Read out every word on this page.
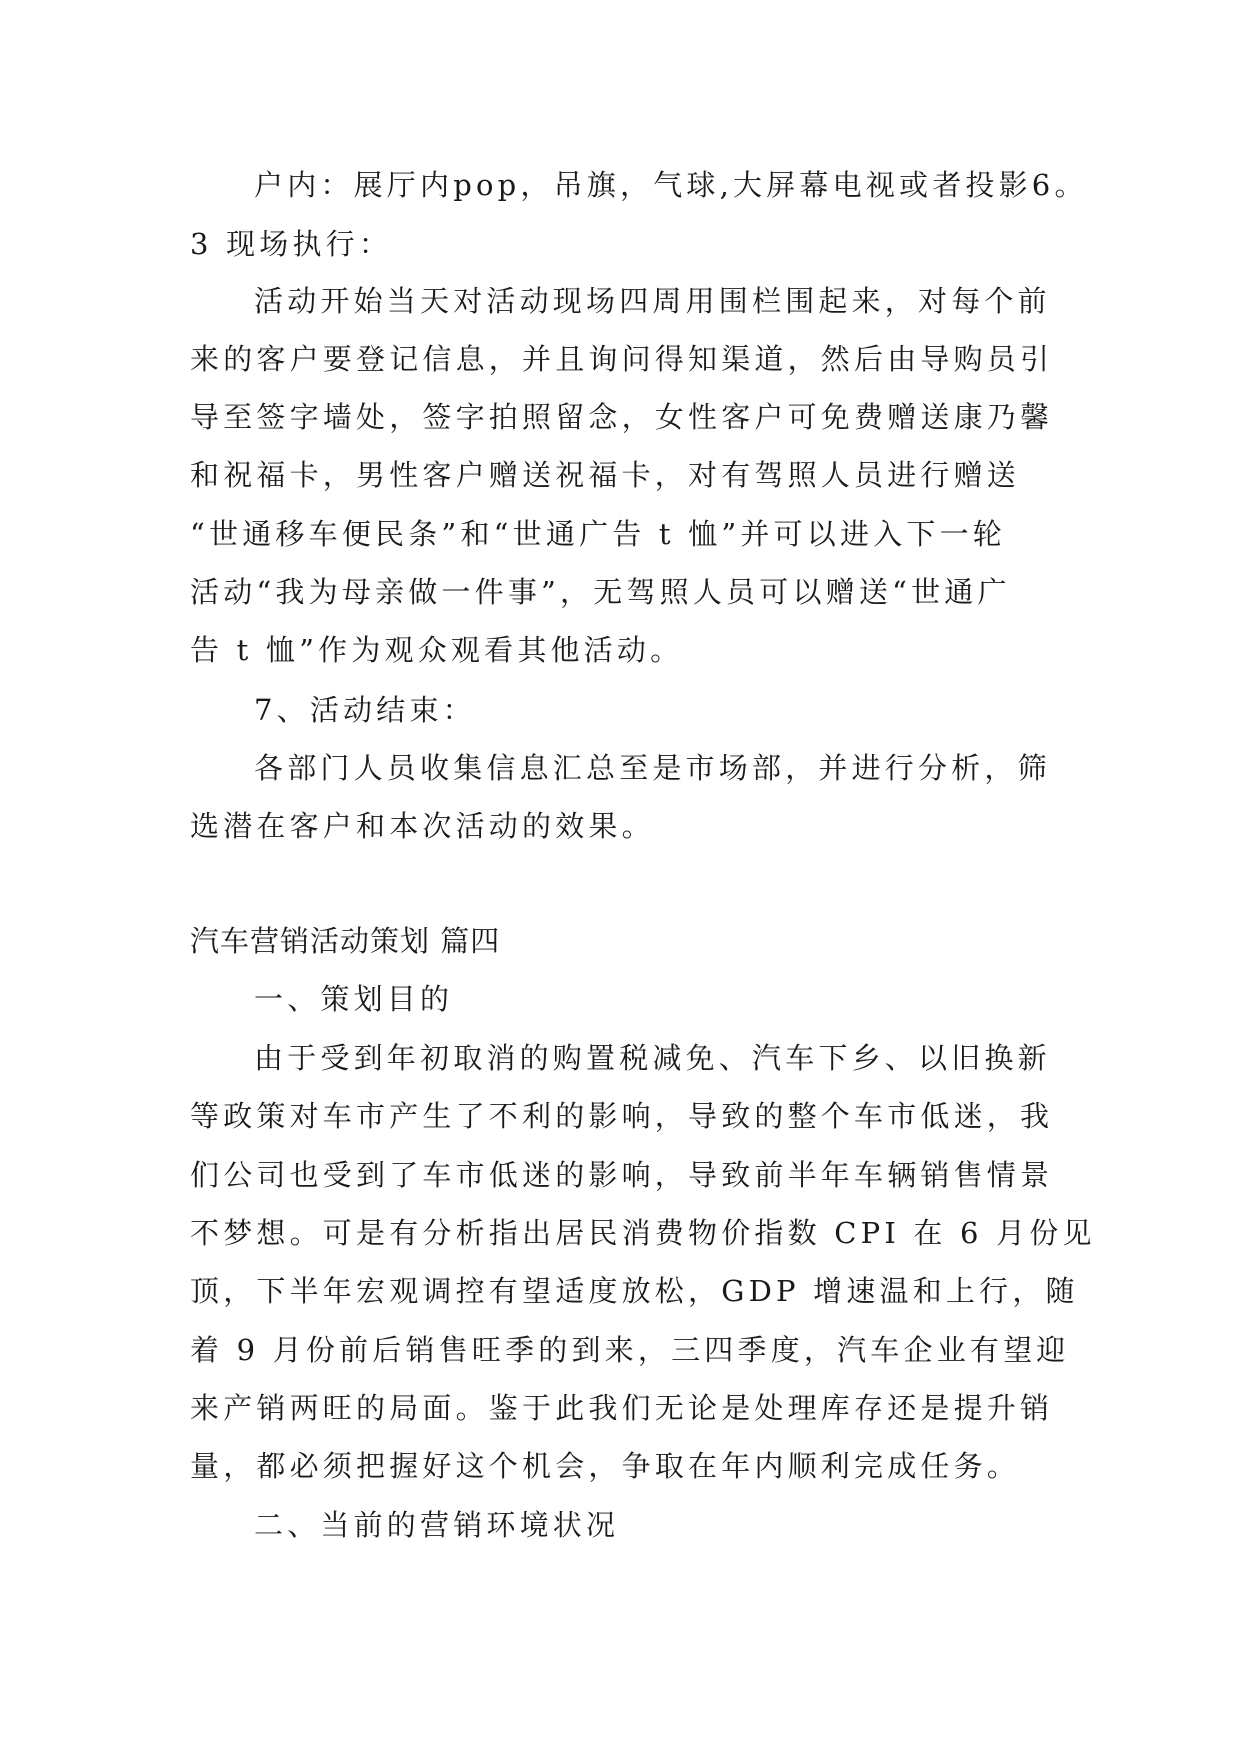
户内：展厅内pop，吊旗，气球,大屏幕电视或者投影6。
3 现场执行：
活动开始当天对活动现场四周用围栏围起来，对每个前
来的客户要登记信息，并且询问得知渠道，然后由导购员引
导至签字墙处，签字拍照留念，女性客户可免费赠送康乃馨
和祝福卡，男性客户赠送祝福卡，对有驾照人员进行赠送
“世通移车便民条”和“世通广告 t 恤”并可以进入下一轮
活动“我为母亲做一件事”，无驾照人员可以赠送“世通广
告 t 恤”作为观众观看其他活动。
7、活动结束：
各部门人员收集信息汇总至是市场部，并进行分析，筛
选潜在客户和本次活动的效果。
汽车营销活动策划 篇四
一、策划目的
由于受到年初取消的购置税减免、汽车下乡、以旧换新
等政策对车市产生了不利的影响，导致的整个车市低迷，我
们公司也受到了车市低迷的影响，导致前半年车辆销售情景
不梦想。可是有分析指出居民消费物价指数 CPI 在 6 月份见
顶，下半年宏观调控有望适度放松，GDP 增速温和上行，随
着 9 月份前后销售旺季的到来，三四季度，汽车企业有望迎
来产销两旺的局面。鉴于此我们无论是处理库存还是提升销
量，都必须把握好这个机会，争取在年内顺利完成任务。
二、当前的营销环境状况
